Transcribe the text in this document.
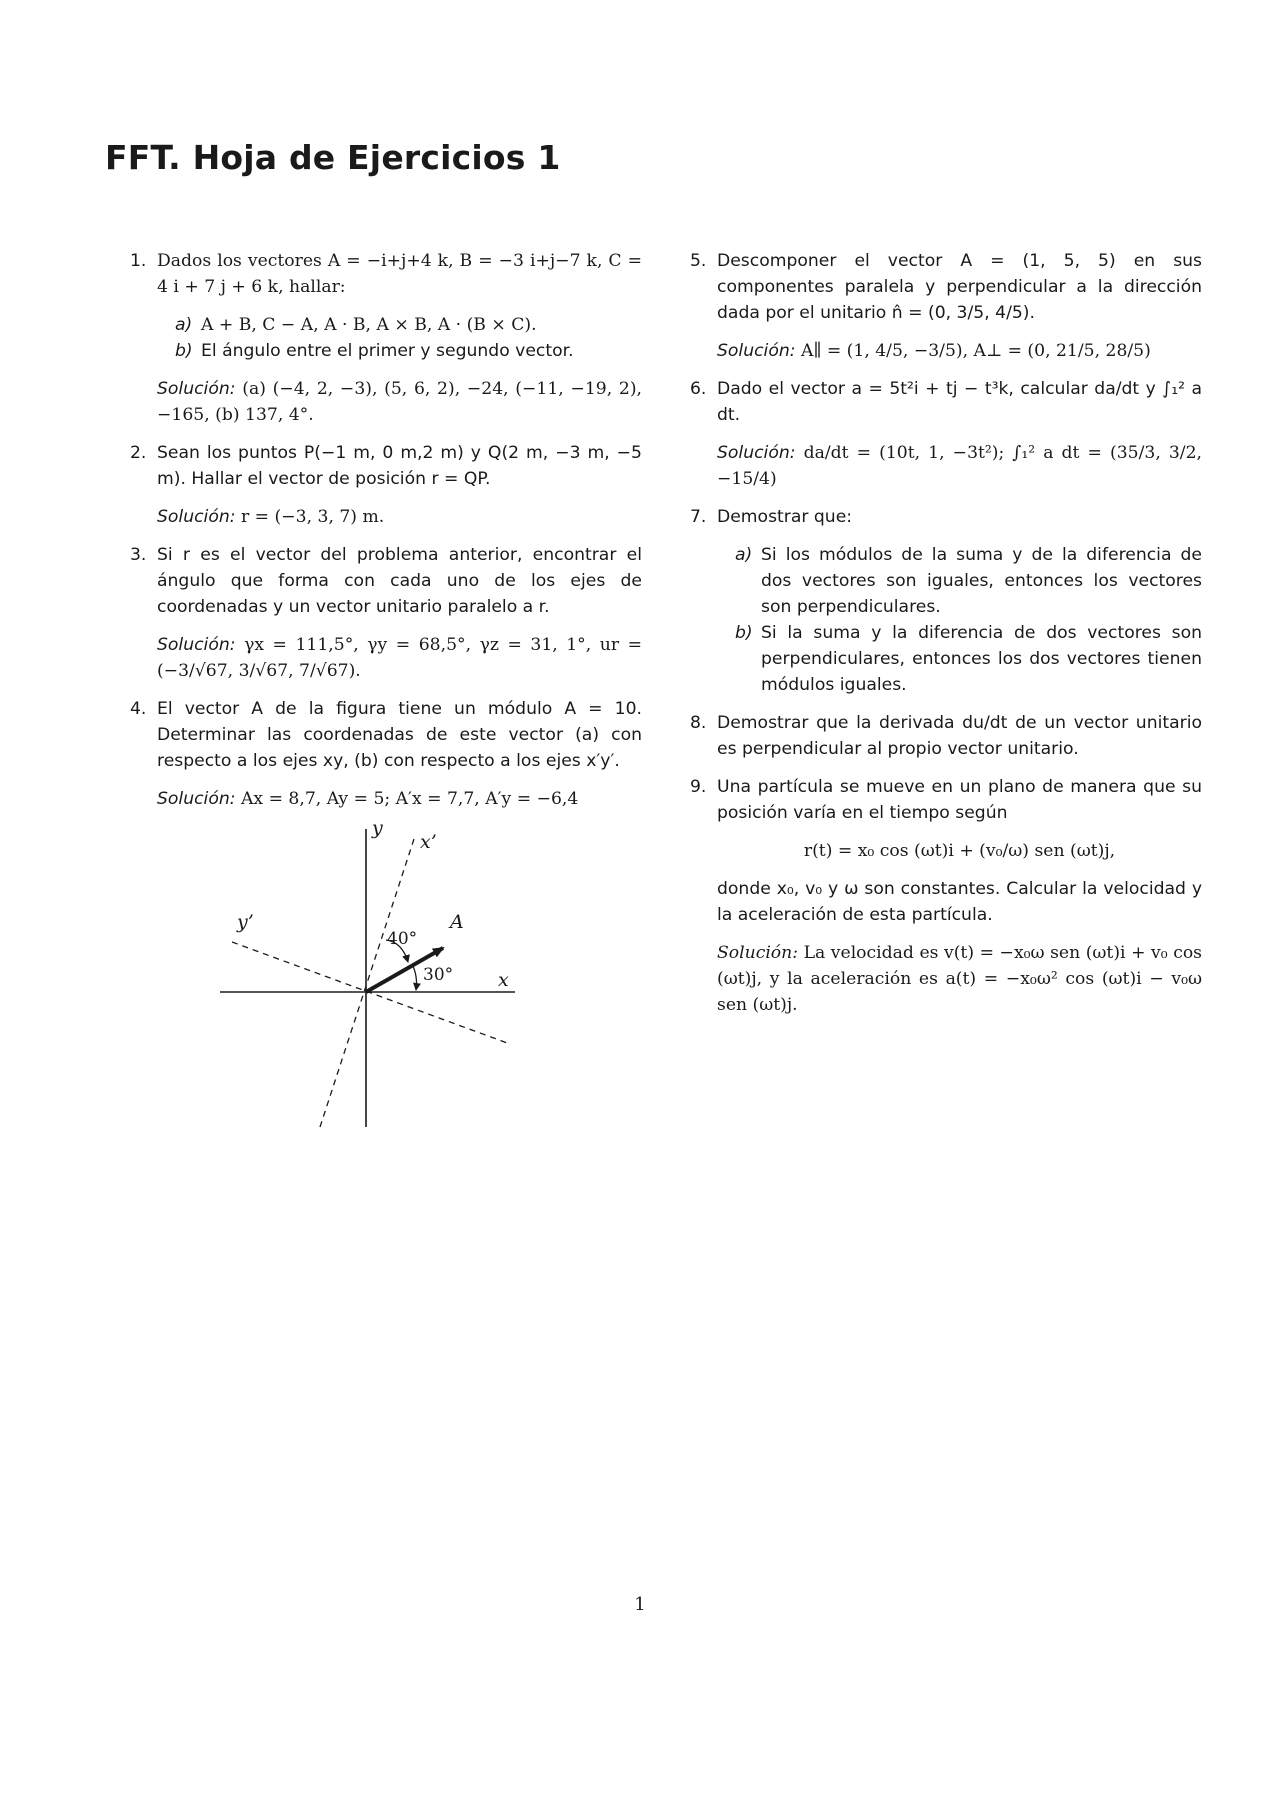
FFT. Hoja de Ejercicios 1
1. Dados los vectores A = −i+j+4 k, B = −3 i+j−7 k, C = 4 i + 7 j + 6 k, hallar:
a) A + B, C − A, A · B, A × B, A · (B × C).
b) El ángulo entre el primer y segundo vector.
Solución: (a) (−4, 2, −3), (5, 6, 2), −24, (−11, −19, 2), −165, (b) 137, 4°.
2. Sean los puntos P(−1 m, 0 m,2 m) y Q(2 m, −3 m, −5 m). Hallar el vector de posición r = QP.
Solución: r = (−3, 3, 7) m.
3. Si r es el vector del problema anterior, encontrar el ángulo que forma con cada uno de los ejes de coordenadas y un vector unitario paralelo a r.
Solución: γx = 111,5°, γy = 68,5°, γz = 31, 1°, ur = (−3/√67, 3/√67, 7/√67).
4. El vector A de la figura tiene un módulo A = 10. Determinar las coordenadas de este vector (a) con respecto a los ejes xy, (b) con respecto a los ejes x′y′.
Solución: Ax = 8,7, Ay = 5; A′x = 7,7, A′y = −6,4
y
x’
y’	A
40°
30° x
5. Descomponer el vector A = (1, 5, 5) en sus componentes paralela y perpendicular a la dirección dada por el unitario n̂ = (0, 3/5, 4/5).
Solución: A∥ = (1, 4/5, −3/5), A⊥ = (0, 21/5, 28/5)
6. Dado el vector a = 5t²i + tj − t³k, calcular da/dt y ∫₁² a dt.
Solución: da/dt = (10t, 1, −3t²); ∫₁² a dt = (35/3, 3/2, −15/4)
7. Demostrar que:
a) Si los módulos de la suma y de la diferencia de dos vectores son iguales, entonces los vectores son perpendiculares.
b) Si la suma y la diferencia de dos vectores son perpendiculares, entonces los dos vectores tienen módulos iguales.
8. Demostrar que la derivada du/dt de un vector unitario es perpendicular al propio vector unitario.
9. Una partícula se mueve en un plano de manera que su posición varía en el tiempo según
r(t) = x₀ cos (ωt)i + (v₀/ω) sen (ωt)j,
donde x₀, v₀ y ω son constantes. Calcular la velocidad y la aceleración de esta partícula.
Solución: La velocidad es v(t) = −x₀ω sen (ωt)i + v₀ cos (ωt)j, y la aceleración es a(t) = −x₀ω² cos (ωt)i − v₀ω sen (ωt)j.
1
